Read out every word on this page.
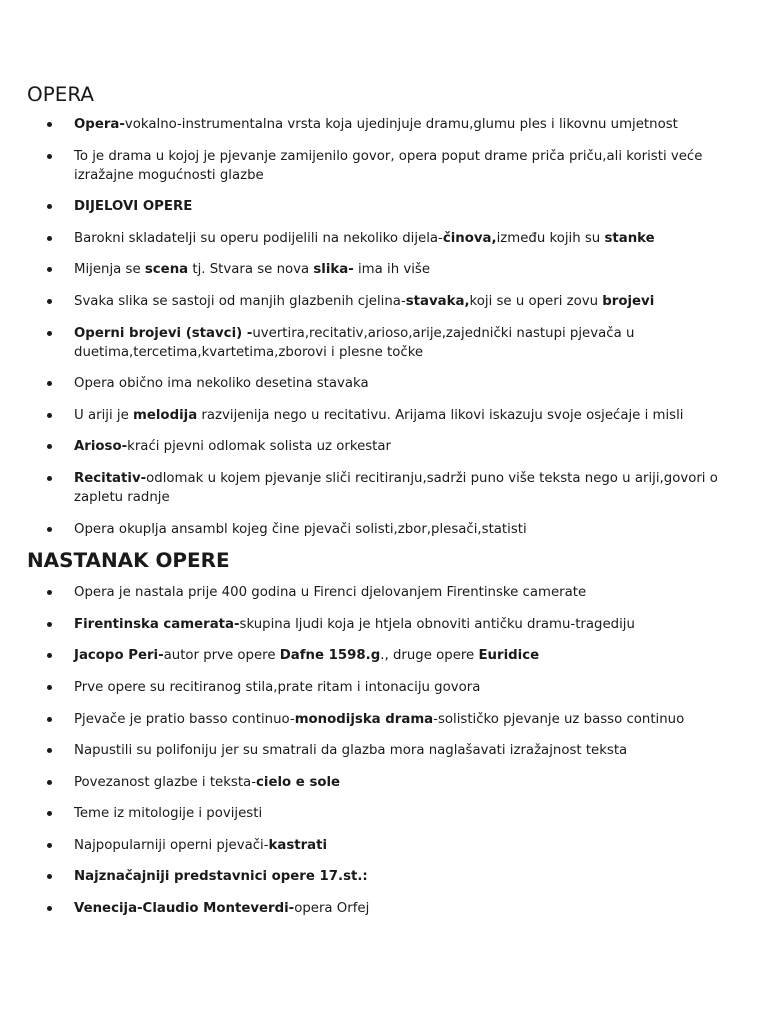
OPERA
Opera-vokalno-instrumentalna vrsta koja ujedinjuje dramu,glumu ples i likovnu umjetnost
To je drama u kojoj je pjevanje zamijenilo govor, opera poput drame priča priču,ali koristi veće izražajne mogućnosti glazbe
DIJELOVI OPERE
Barokni skladatelji su operu podijelili na nekoliko dijela-činova,između kojih su stanke
Mijenja se scena tj. Stvara se nova slika- ima ih više
Svaka slika se sastoji od manjih glazbenih cjelina-stavaka,koji se u operi zovu brojevi
Operni brojevi (stavci) -uvertira,recitativ,arioso,arije,zajednički nastupi pjevača u duetima,tercetima,kvartetima,zborovi i plesne točke
Opera obično ima nekoliko desetina stavaka
U ariji je melodija razvijenija nego u recitativu. Arijama likovi iskazuju svoje osjećaje i misli
Arioso-kraći pjevni odlomak solista uz orkestar
Recitativ-odlomak u kojem pjevanje sliči recitiranju,sadrži puno više teksta nego u ariji,govori o zapletu radnje
Opera okuplja ansambl kojeg čine pjevači solisti,zbor,plesači,statisti
NASTANAK OPERE
Opera je nastala prije 400 godina u Firenci djelovanjem Firentinske camerate
Firentinska camerata-skupina ljudi koja je htjela obnoviti antičku dramu-tragediju
Jacopo Peri-autor prve opere Dafne 1598.g., druge opere Euridice
Prve opere su recitiranog stila,prate ritam i intonaciju govora
Pjevače je pratio basso continuo-monodijska drama-solističko pjevanje uz basso continuo
Napustili su polifoniju jer su smatrali da glazba mora naglašavati izražajnost teksta
Povezanost glazbe i teksta-cielo e sole
Teme iz mitologije i povijesti
Najpopularniji operni pjevači-kastrati
Najznačajniji predstavnici opere 17.st.:
Venecija-Claudio Monteverdi-opera Orfej
